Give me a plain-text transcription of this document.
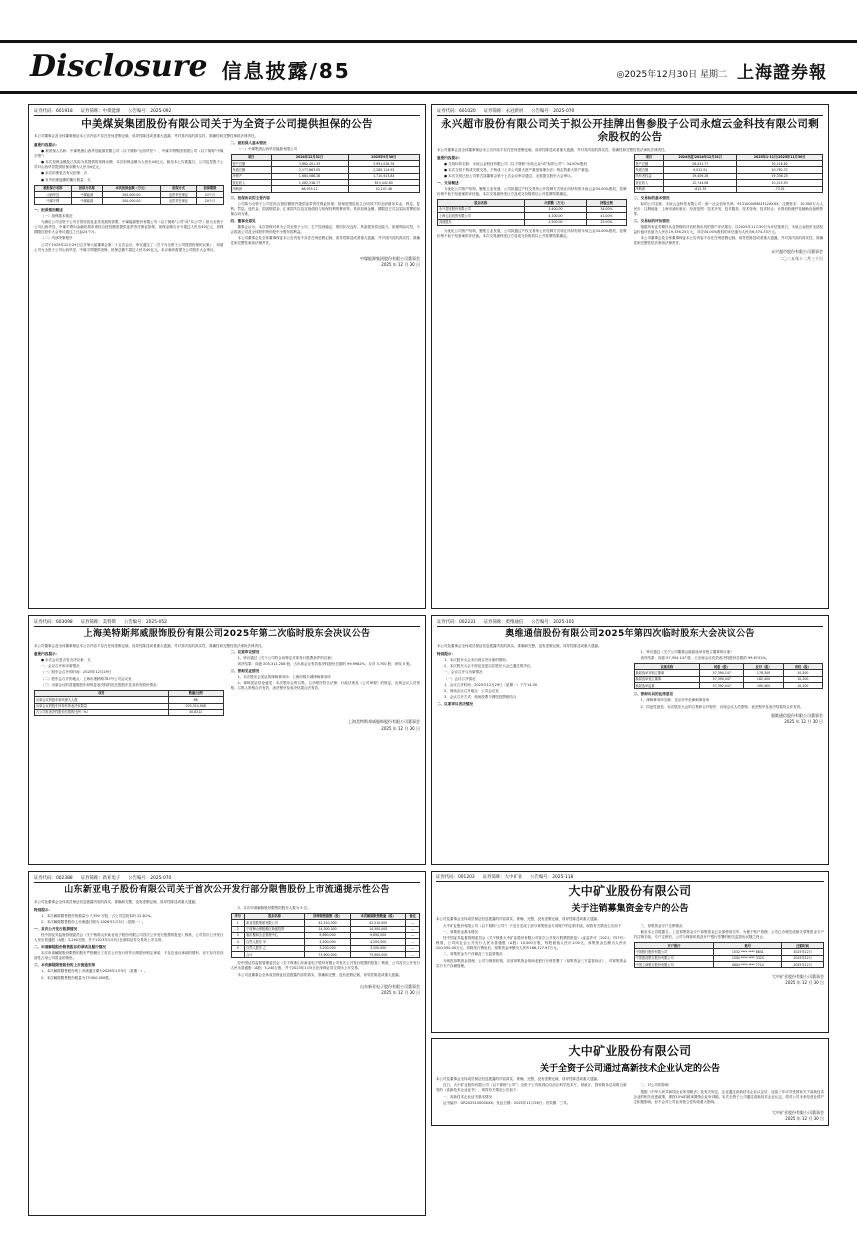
Disclosure 信息披露/85	◎2025年12月30日 星期二 上海證券報
证券代码：601918 证券简称：中煤能源 公告编号：2025-092
中美煤炭集团股份有限公司关于为全资子公司提供担保的公告
本公司董事会及全体董事保证本公告内容不存在任何虚假记载、误导性陈述或者重大遗漏，并对其内容的真实性、准确性和完整性承担法律责任。
重要内容提示：
● 被担保人名称：中煤集团山西华昱能源有限公司（以下简称"山西华昱"）、中煤平朔集团有限公司（以下简称"中煤平朔"）
● 本次担保金额及已实际为其提供的担保余额：本次担保金额为人民币40亿元，截至本公告披露日，公司及控股子公司对山西华昱提供担保余额为人民币0亿元。
● 本次担保是否有反担保：否
● 对外担保逾期的累计数量：无
被担保方名称	担保方名称	本次担保金额（万元）	担保方式	担保期限
山西华昱	中煤能源	200,000.00	连带责任保证	24个月
中煤平朔	中煤能源	200,000.00	连带责任保证	24个月
一、担保情况概述
（一）担保基本情况
为满足公司全资子公司日常经营及业务发展的需要，中煤能源股份有限公司（以下简称"公司"或"本公司"）拟为全资子公司山西华昱、中煤平朔向金融机构申请综合授信额度提供连带责任保证担保，担保金额合计不超过人民币40亿元，担保期限自股东大会审议通过之日起24个月。
（二）内部决策程序
公司于2025年12月29日召开第六届董事会第二十五次会议，审议通过了《关于为全资子公司提供担保的议案》，同意公司为全资子公司山西华昱、中煤平朔提供担保，担保总额不超过人民币40亿元。本议案尚需提交公司股东大会审议。
二、被担保人基本情况
（一）中煤集团山西华昱能源有限公司
项目	2024年12月31日	2025年9月30日
资产总额	3,862,451.33	3,991,028.76
负债总额	2,177,863.05	2,280,114.92
净资产	1,684,588.28	1,710,913.84
营业收入	1,062,318.77	815,442.60
净利润	68,935.12	52,107.48
三、担保协议的主要内容
公司拟为全资子公司在综合授信额度内提供连带责任保证担保，担保范围包括主合同项下的全部债务本金、利息、复利、罚息、违约金、损害赔偿金、汇率损失以及实现债权与担保权利的费用等。具体担保金额、期限及方式以实际签署的担保合同为准。
四、董事会意见
董事会认为，本次担保对象为公司全资子公司，生产经营稳定，资信状况良好，具备债务偿还能力，担保风险可控，不会损害公司及全体股东特别是中小股东的利益。
本公司董事会及全体董事保证本公告内容不存在任何虚假记载、误导性陈述或者重大遗漏，并对其内容的真实性、准确性和完整性承担法律责任。
中煤能源集团股份有限公司董事会
2025 年 12 月 30 日
证券代码：601020 证券简称：永冠新材 公告编号：2025-070
永兴超市股份有限公司关于拟公开挂牌出售参股子公司永煊云金科技有限公司剩余股权的公告
本公司董事会及全体董事保证本公告内容不存在任何虚假记载、误导性陈述或者重大遗漏，并对其内容的真实性、准确性和完整性依法承担法律责任。
重要内容提示：
● 交易标的名称：永煊云金科技有限公司（以下简称"永煊云金"或"标的公司"）34.00%股权
● 本次交易不构成关联交易，不构成《上市公司重大资产重组管理办法》规定的重大资产重组。
● 本次交易已经公司第五届董事会第十七次会议审议通过，无需提交股东大会审议。
一、交易概述
为优化公司资产结构，聚焦主业发展，公司拟通过产权交易所公开挂牌方式转让所持有的永煊云金34.00%股权，挂牌价格不低于经备案的评估值。本次交易最终受让方及成交价格将以公开挂牌结果确定。
股东名称	出资额（万元）	持股比例
永兴超市股份有限公司	3,400.00	34.00%
上海云启投资有限公司	4,100.00	41.00%
其他股东	2,500.00	25.00%
为优化公司资产结构，聚焦主业发展，公司拟通过产权交易所公开挂牌方式转让所持有的永煊云金34.00%股权，挂牌价格不低于经备案的评估值。本次交易最终受让方及成交价格将以公开挂牌结果确定。
项目	2024年度/2024年12月31日	2025年1-11月/2025年11月30日
资产总额	28,431.77	30,118.62
负债总额	9,022.51	10,782.37
所有者权益	19,409.26	19,336.25
营业收入	12,744.08	10,215.93
净利润	-612.35	-73.01
二、交易标的基本情况
标的公司名称：永煊云金科技有限公司；统一社会信用代码：91310000MA1FL2XXXX；注册资本：10,000万元人民币；注册地址：上海市浦东新区；经营范围：技术开发、技术服务、技术咨询、技术转让；计算机软硬件及辅助设备销售等。
三、交易标的评估情况
根据具有证券期货从业资格的评估机构出具的资产评估报告，以2025年11月30日为评估基准日，永煊云金股东全部权益价值评估值为人民币19,336.25万元，对应34.00%股权的评估值为人民币6,574.33万元。
本公司董事会及全体董事保证本公告内容不存在任何虚假记载、误导性陈述或者重大遗漏，并对其内容的真实性、准确性和完整性依法承担法律责任。
永兴超市股份有限公司董事会
二〇二五年十二月三十日
证券代码：603098 证券简称：美特斯 公告编号：2025-052
上海美特斯邦威服饰股份有限公司2025年第二次临时股东会决议公告
本公司董事会及全体董事保证本公告内容不存在任何虚假记载、误导性陈述或者重大遗漏，并对其内容的真实性、准确性和完整性依法承担法律责任。
重要内容提示：
● 本次会议是否有否决议案：无
一、会议召开和出席情况
（一）股东会召开的时间：2025年12月29日
（二）股东会召开的地点：上海市康桥路787号公司会议室
（三）出席会议的普通股股东和恢复表决权的优先股股东及其持有股份情况：
项目	数量/比例
出席会议的股东和代理人人数	86
出席会议的股东所持有的表决权数量	205,314,908
占公司有表决权股份总数的比例（%）	40.8312
二、议案审议情况
1、审议通过《关于公司符合向特定对象发行股票条件的议案》
表决结果：同意 205,311,208 股，占出席会议有效表决权股份总数的 99.9982%；反对 3,700 股；弃权 0 股。
三、律师见证情况
1、本次股东会见证的律师事务所：上海市锦天城律师事务所
2、律师见证结论意见：本次股东会的召集、召开程序符合法律、行政法规及《公司章程》的规定，出席会议人员资格、召集人资格合法有效，表决程序及表决结果合法有效。
上海美特斯邦威服饰股份有限公司董事会
2025 年 12 月 30 日
证券代码：002231 证券简称：奥维通信 公告编号：2025-101
奥维通信股份有限公司2025年第四次临时股东大会决议公告
本公司及董事会全体成员保证信息披露内容的真实、准确和完整，没有虚假记载、误导性陈述或重大遗漏。
特别提示：
1、本次股东大会未出现否决议案的情形。
2、本次股东大会不涉及变更以往股东大会已通过的决议。
一、会议召开与出席情况
（一）会议召开情况
1、会议召开时间：2025年12月29日（星期一）下午14:30
2、现场会议召开地点：公司会议室
3、会议召开方式：现场投票与网络投票相结合
二、议案审议表决情况
1、审议通过《关于公司董事会换届选举非独立董事的议案》
表决结果：同意 57,394,147 股，占出席会议有效表决权股份总数的 99.6741%。
议案名称	同意（股）	反对（股）	弃权（股）
换届选举非独立董事	57,394,147	178,300	10,200
换届选举独立董事	57,390,047	182,400	10,200
换届选举监事	57,392,047	180,400	10,200
三、律师出具的法律意见
1、律师事务所名称：北京市中伦律师事务所
2、结论性意见：本次股东大会的召集和召开程序、出席会议人员资格、表决程序及表决结果均合法有效。
奥维通信股份有限公司董事会
2025 年 12 月 30 日
证券代码：002388 证券简称：新亚电子 公告编号：2025-070
山东新亚电子股份有限公司关于首次公开发行部分限售股份上市流通提示性公告
本公司及董事会全体成员保证信息披露内容的真实、准确和完整，没有虚假记载、误导性陈述或重大遗漏。
特别提示：
1、本次解除限售股份的数量为 7,390 万股，占公司总股本的 22.81%。
2、本次解除限售股份上市流通日期为 2026年1月5日（星期一）。
一、首次公开发行股票情况
经中国证券监督管理委员会《关于核准山东新亚电子股份有限公司首次公开发行股票的批复》核准，公司首次公开发行人民币普通股（A股）3,240万股，并于2023年1月5日在深圳证券交易所上市交易。
二、申请解除股份限售股东的承诺及履行情况
本次申请解除股份限售的股东严格履行了首次公开发行时作出的股份锁定承诺，不存在违反承诺的情形，亦不存在非经营性占用公司资金的情形。
三、本次解除限售股份的上市流通安排
1、本次解除限售股份的上市流通日期为2026年1月5日（星期一）。
2、本次解除限售股份数量为73,900,000股。
3、本次申请解除股份限售的股东人数为 5 名。
序号	股东名称	所持限售股数（股）	本次解除限售数量（股）	备注
1	新亚控股集团有限公司	42,510,000	42,510,000	—
2	宁波梅山保税港区新盛投资	14,300,000	14,300,000	—
3	临沂聚和企业管理中心	9,690,000	9,690,000	—
4	自然人股东 甲	4,200,000	4,200,000	—
5	自然人股东 乙	3,200,000	3,200,000	—
	合计	73,900,000	73,900,000	—
经中国证券监督管理委员会《关于核准山东新亚电子股份有限公司首次公开发行股票的批复》核准，公司首次公开发行人民币普通股（A股）3,240万股，并于2023年1月5日在深圳证券交易所上市交易。
本公司及董事会全体成员保证信息披露内容的真实、准确和完整，没有虚假记载、误导性陈述或重大遗漏。
山东新亚电子股份有限公司董事会
2025 年 12 月 30 日
证券代码：001203 证券简称：大中矿业 公告编号：2025-118
大中矿业股份有限公司
关于注销募集资金专户的公告
本公司及董事会全体成员保证信息披露的内容真实、准确、完整，没有虚假记载、误导性陈述或重大遗漏。
大中矿业股份有限公司（以下简称"公司"）于近日完成了部分募集资金专项账户的注销手续，现将有关情况公告如下：
一、募集资金基本情况
经中国证券监督管理委员会《关于核准大中矿业股份有限公司首次公开发行股票的批复》（证监许可〔2021〕757号）核准，公司向社会公开发行人民币普通股（A股）15,000万股，每股面值人民币1.00元，募集资金总额为人民币200,550.00万元，扣除发行费用后，募集资金净额为人民币186,127.97万元。
二、募集资金专户存储及三方监管情况
为规范募集资金管理，公司与保荐机构、存放募集资金的商业银行分别签署了《募集资金三方监管协议》，对募集资金实行专户存储管理。
三、募集资金专户注销情况
截至本公告披露日，上述募集资金专户募集资金已全部使用完毕，为便于账户管理，公司已办理完成相关募集资金专户的注销手续。专户注销后，公司与保荐机构及开户银行签署的相关监管协议随之终止。
开户银行	账号	注销时间
中国银行股份有限公司	1532 **** **** 8801	2025年12月
中国建设银行股份有限公司	1500 **** **** 3325	2025年12月
中国工商银行股份有限公司	0604 **** **** 7710	2025年12月
大中矿业股份有限公司董事会
2025 年 12 月 30 日
大中矿业股份有限公司
关于全资子公司通过高新技术企业认定的公告
本公司及董事会全体成员保证信息披露的内容真实、准确、完整，没有虚假记载、误导性陈述或重大遗漏。
近日，大中矿业股份有限公司（以下简称"公司"）全资子公司收到由自治区科学技术厅、财政厅、国家税务总局联合颁发的《高新技术企业证书》，现将有关情况公告如下：
一、高新技术企业证书基本情况
证书编号：GR202515000XXX；发证日期：2025年11月28日；有效期：三年。
二、对公司的影响
根据《中华人民共和国企业所得税法》及有关规定，企业通过高新技术企业认定后，连续三年可享受国家关于高新技术企业的相关优惠政策，即按15%的税率缴纳企业所得税。本次全资子公司通过高新技术企业认定，将对公司未来经营业绩产生积极影响，但不会对公司业务独立性构成重大影响。
大中矿业股份有限公司董事会
2025 年 12 月 30 日
